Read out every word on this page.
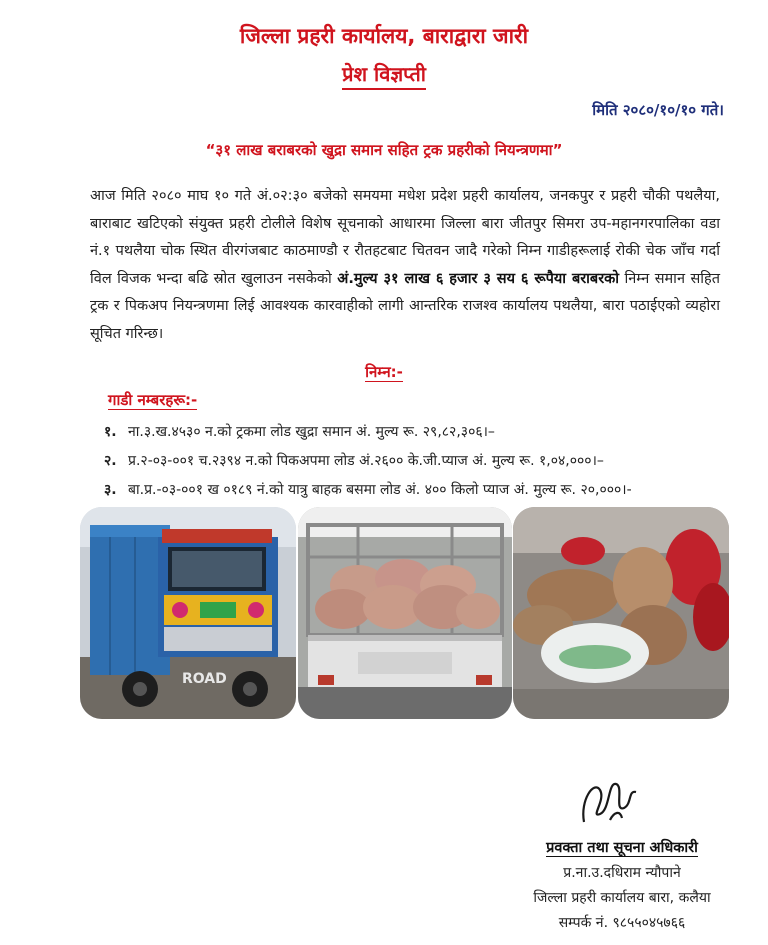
जिल्ला प्रहरी कार्यालय, बाराद्वारा जारी
प्रेश विज्ञप्ती
मिति २०८०/१०/१० गते।
“३१ लाख बराबरको खुद्रा समान सहित ट्रक प्रहरीको नियन्त्रणमा”

आज मिति २०८० माघ १० गते अं.०२:३० बजेको समयमा मधेश प्रदेश प्रहरी कार्यालय, जनकपुर र प्रहरी चौकी पथलैया, बाराबाट खटिएको संयुक्त प्रहरी टोलीले विशेष सूचनाको आधारमा जिल्ला बारा जीतपुर सिमरा उप-महानगरपालिका वडा नं.१ पथलैया चोक स्थित वीरगंजबाट काठमाण्डौ र रौतहटबाट चितवन जादै गरेको निम्न गाडीहरूलाई रोकी चेक जाँच गर्दा विल विजक भन्दा बढि स्रोत खुलाउन नसकेको अं.मुल्य ३१ लाख ६ हजार ३ सय ६ रूपैया बराबरको निम्न समान सहित ट्रक र पिकअप नियन्त्रणमा लिई आवश्यक कारवाहीको लागी आन्तरिक राजश्व कार्यालय पथलैया, बारा पठाईएको व्यहोरा सूचित गरिन्छ।

निम्न:-
गाडी नम्बरहरू:-
१. ना.३.ख.४५३० न.को ट्रकमा लोड खुद्रा समान अं. मुल्य रू. २९,८२,३०६।–
२. प्र.२-०३-००१ च.२३९४ न.को पिकअपमा लोड अं.२६०० के.जी.प्याज अं. मुल्य रू. १,०४,०००।–
३. बा.प्र.-०३-००१ ख ०१८९ नं.को यात्रु बाहक बसमा लोड अं. ४०० किलो प्याज अं. मुल्य रू. २०,०००।-
ROAD
प्रवक्ता तथा सूचना अधिकारी
प्र.ना.उ.दधिराम न्यौपाने
जिल्ला प्रहरी कार्यालय बारा, कलैया
सम्पर्क नं. ९८५५०४५७६६
